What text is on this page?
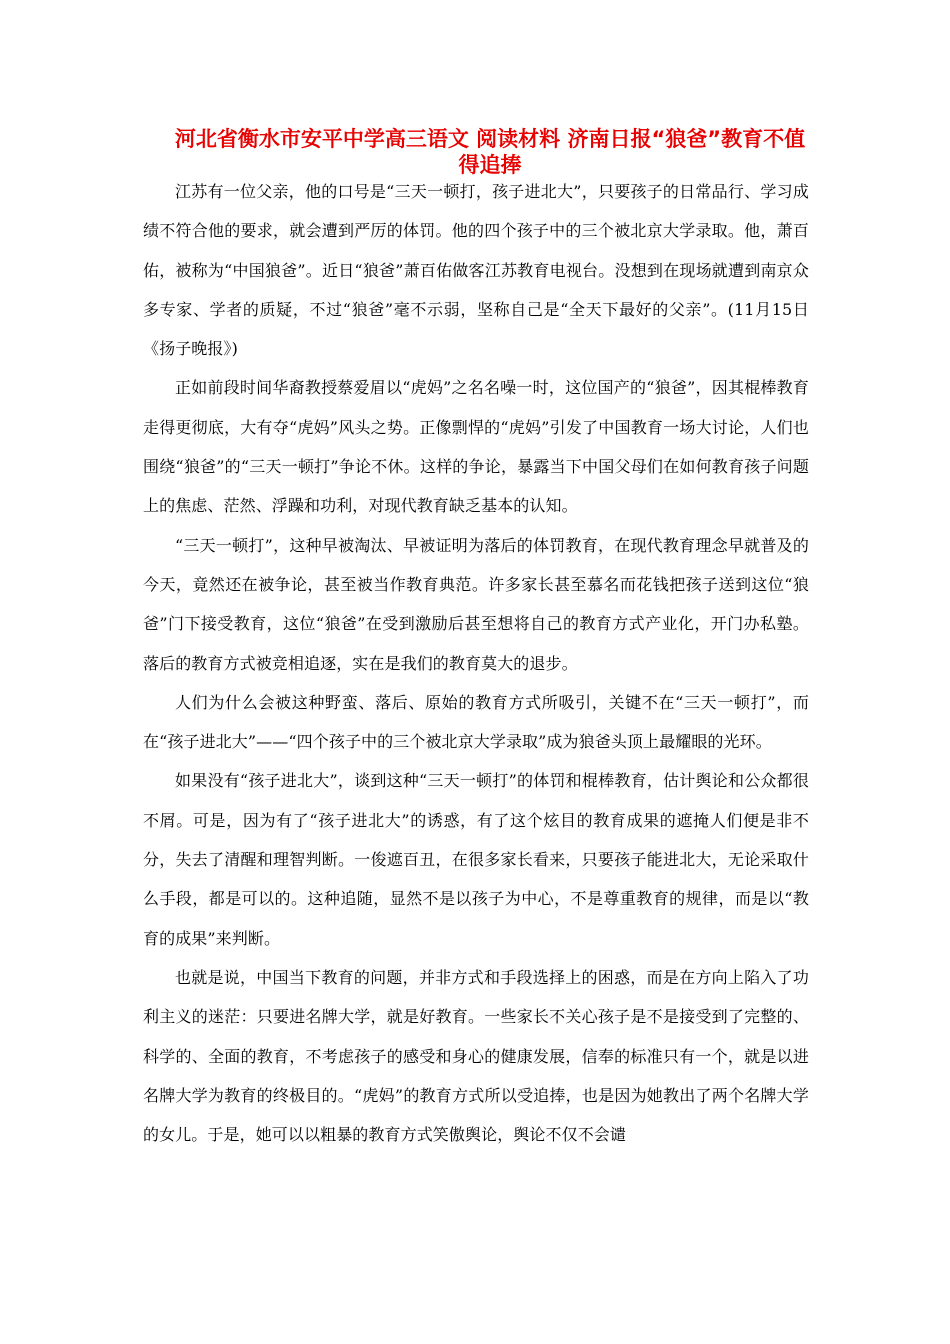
河北省衡水市安平中学高三语文 阅读材料 济南日报“狼爸”教育不值得追捧

江苏有一位父亲，他的口号是“三天一顿打，孩子进北大”，只要孩子的日常品行、学习成绩不符合他的要求，就会遭到严厉的体罚。他的四个孩子中的三个被北京大学录取。他，萧百佑，被称为“中国狼爸”。近日“狼爸”萧百佑做客江苏教育电视台。没想到在现场就遭到南京众多专家、学者的质疑，不过“狼爸”毫不示弱，坚称自己是“全天下最好的父亲”。(11月15日《扬子晚报》)

正如前段时间华裔教授蔡爱眉以“虎妈”之名名噪一时，这位国产的“狼爸”，因其棍棒教育走得更彻底，大有夺“虎妈”风头之势。正像剽悍的“虎妈”引发了中国教育一场大讨论，人们也围绕“狼爸”的“三天一顿打”争论不休。这样的争论，暴露当下中国父母们在如何教育孩子问题上的焦虑、茫然、浮躁和功利，对现代教育缺乏基本的认知。

“三天一顿打”，这种早被淘汰、早被证明为落后的体罚教育，在现代教育理念早就普及的今天，竟然还在被争论，甚至被当作教育典范。许多家长甚至慕名而花钱把孩子送到这位“狼爸”门下接受教育，这位“狼爸”在受到激励后甚至想将自己的教育方式产业化，开门办私塾。落后的教育方式被竞相追逐，实在是我们的教育莫大的退步。

人们为什么会被这种野蛮、落后、原始的教育方式所吸引，关键不在“三天一顿打”，而在“孩子进北大”——“四个孩子中的三个被北京大学录取”成为狼爸头顶上最耀眼的光环。

如果没有“孩子进北大”，谈到这种“三天一顿打”的体罚和棍棒教育，估计舆论和公众都很不屑。可是，因为有了“孩子进北大”的诱惑，有了这个炫目的教育成果的遮掩人们便是非不分，失去了清醒和理智判断。一俊遮百丑，在很多家长看来，只要孩子能进北大，无论采取什么手段，都是可以的。这种追随，显然不是以孩子为中心，不是尊重教育的规律，而是以“教育的成果”来判断。

也就是说，中国当下教育的问题，并非方式和手段选择上的困惑，而是在方向上陷入了功利主义的迷茫：只要进名牌大学，就是好教育。一些家长不关心孩子是不是接受到了完整的、科学的、全面的教育，不考虑孩子的感受和身心的健康发展，信奉的标准只有一个，就是以进名牌大学为教育的终极目的。“虎妈”的教育方式所以受追捧，也是因为她教出了两个名牌大学的女儿。于是，她可以以粗暴的教育方式笑傲舆论，舆论不仅不会谴
